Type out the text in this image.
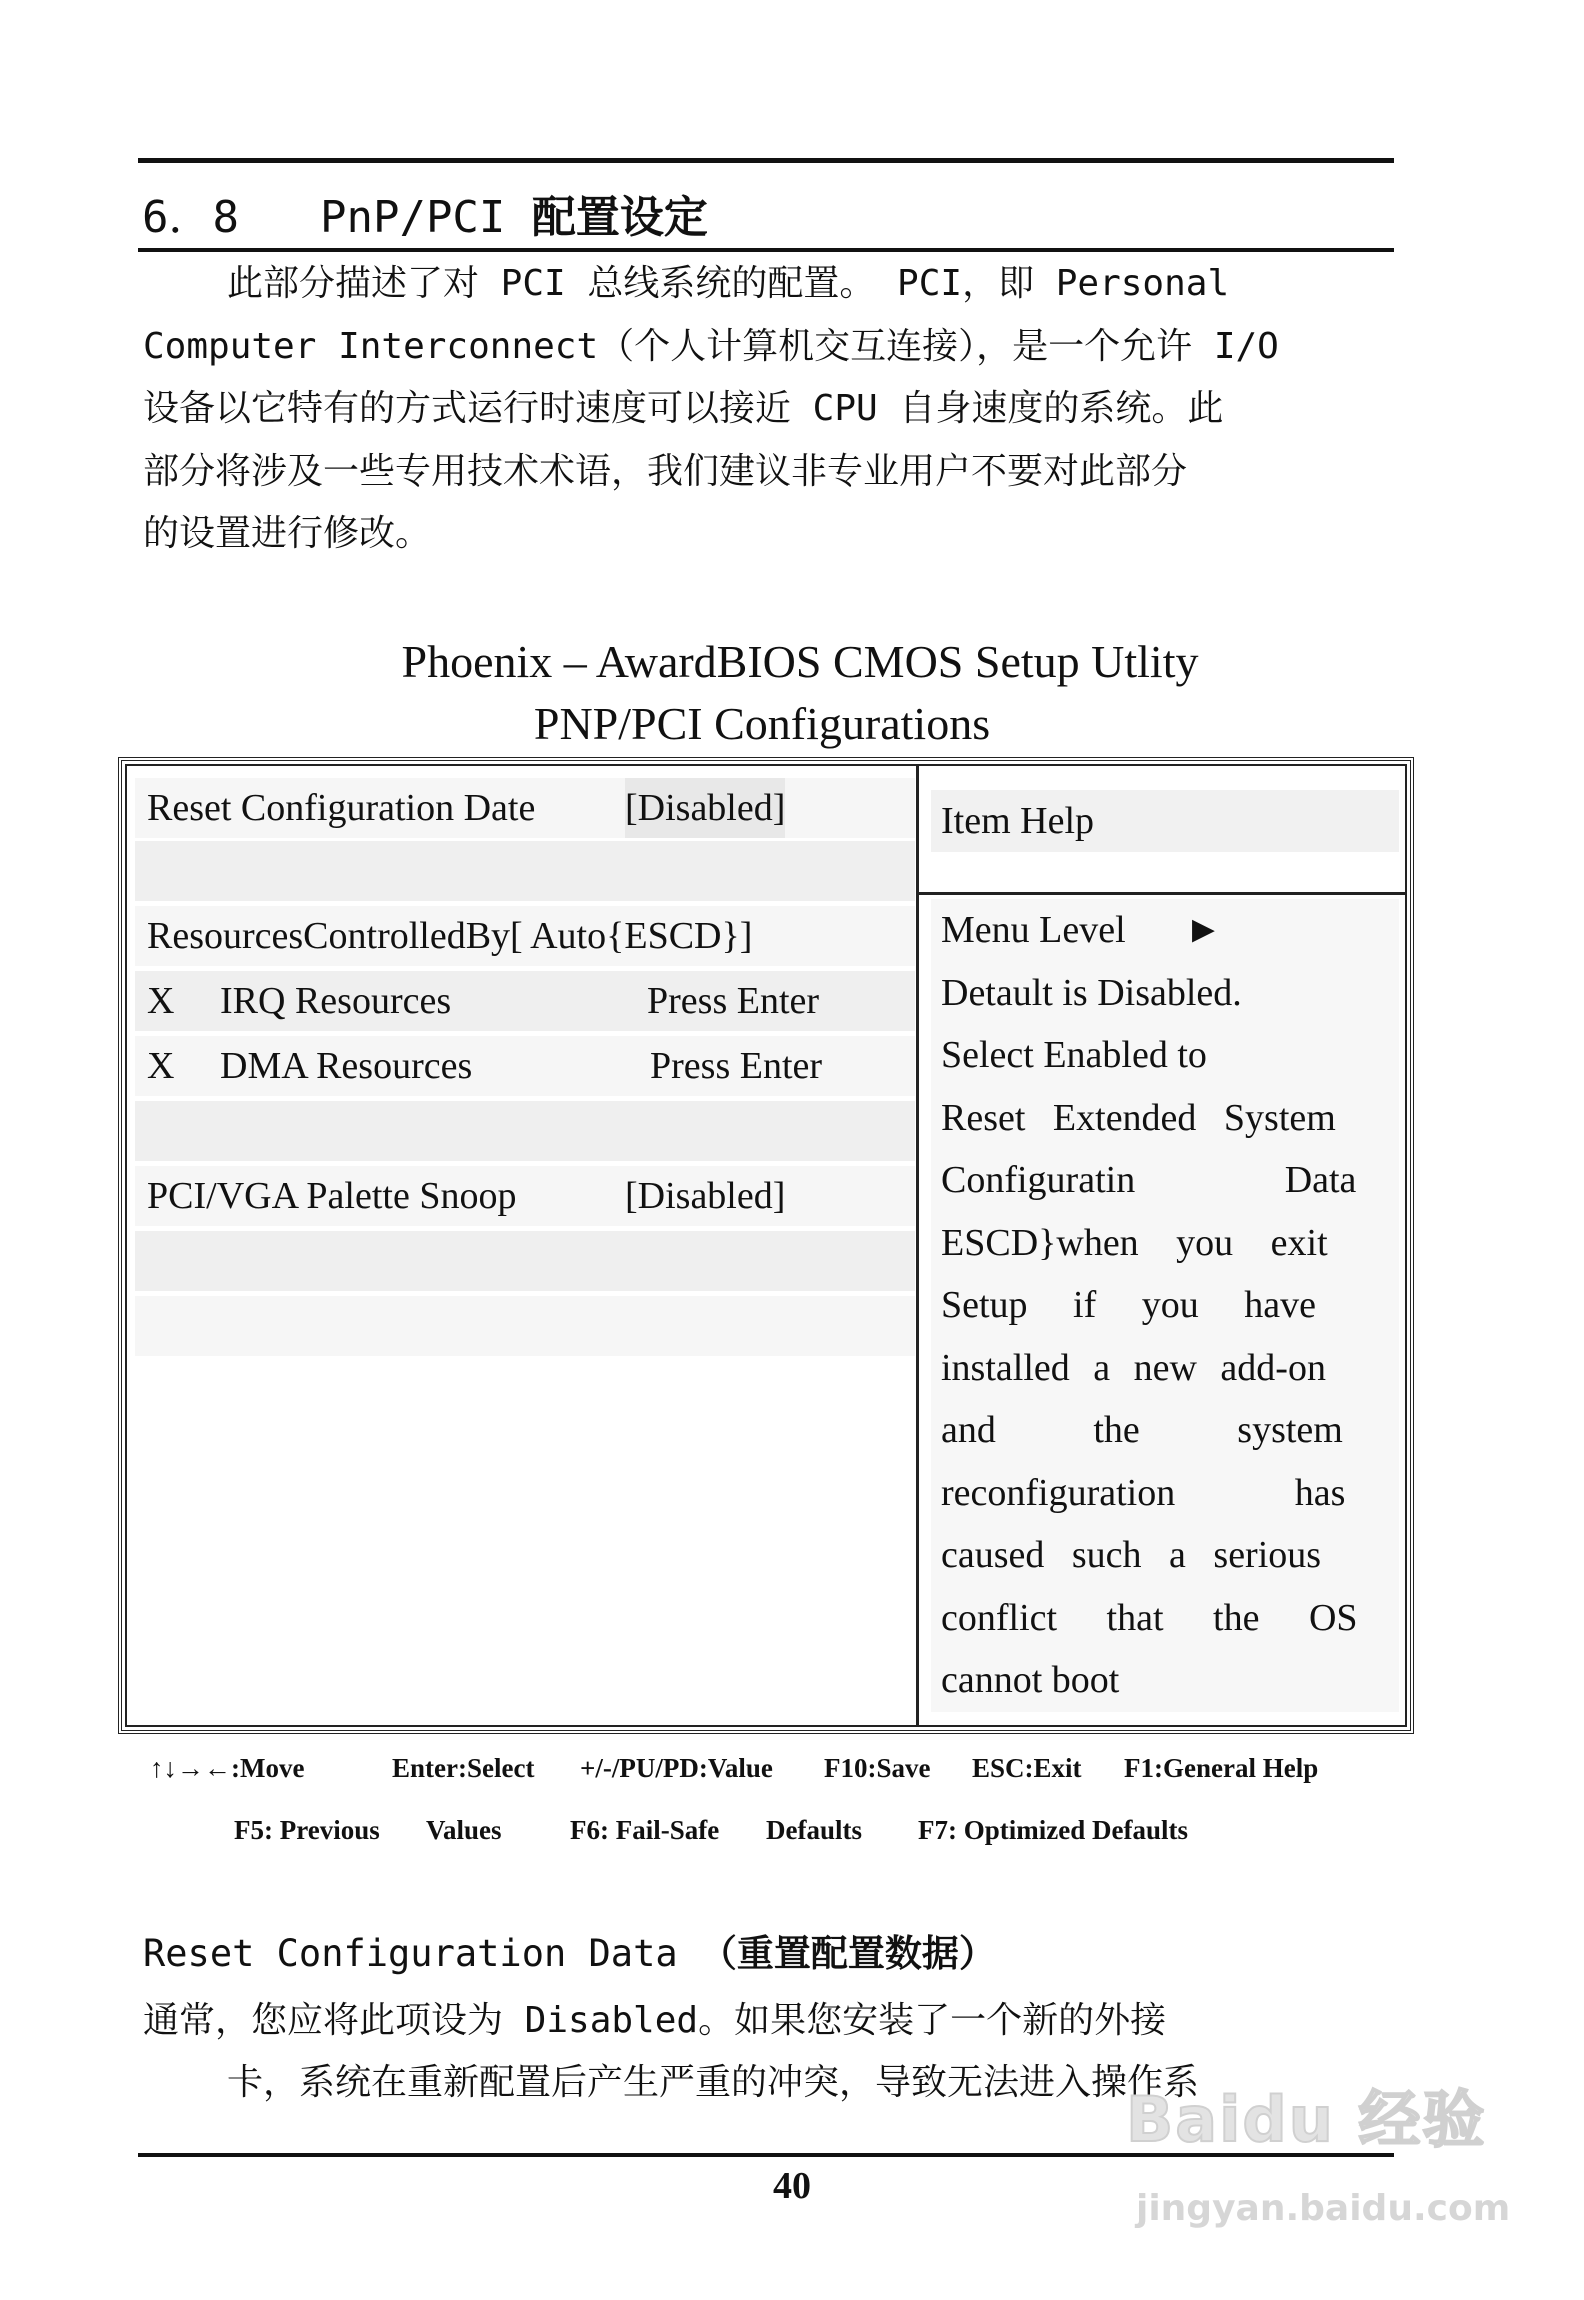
6．8 PnP/PCI 配置设定
此部分描述了对 PCI 总线系统的配置。 PCI，即 Personal
Computer Interconnect（个人计算机交互连接），是一个允许 I/O
设备以它特有的方式运行时速度可以接近 CPU 自身速度的系统。此
部分将涉及一些专用技术术语，我们建议非专业用户不要对此部分
的设置进行修改。
Phoenix – AwardBIOS CMOS Setup Utlity
PNP/PCI Configurations
Reset Configuration Date [Disabled]
ResourcesControlledBy[ Auto{ESCD}]
X IRQ Resources	Press Enter
X DMA Resources	Press Enter
PCI/VGA Palette Snoop	[Disabled]
Item Help
Menu Level ►
Detault is Disabled.
Select Enabled to
Reset Extended System
Configuratin Data
ESCD}when you exit
Setup if you have
installed a new add-on
and the system
reconfiguration has
caused such a serious
conflict that the OS
cannot boot
↑↓→←:Move	Enter:Select +/-/PU/PD:Value F10:Save ESC:Exit F1:General Help
F5: Previous Values	F6: Fail-Safe Defaults F7: Optimized Defaults
Reset Configuration Data （重置配置数据）
通常，您应将此项设为 Disabled。如果您安装了一个新的外接
卡，系统在重新配置后产生严重的冲突，导致无法进入操作系
40
Baidu 经验
jingyan.baidu.com
